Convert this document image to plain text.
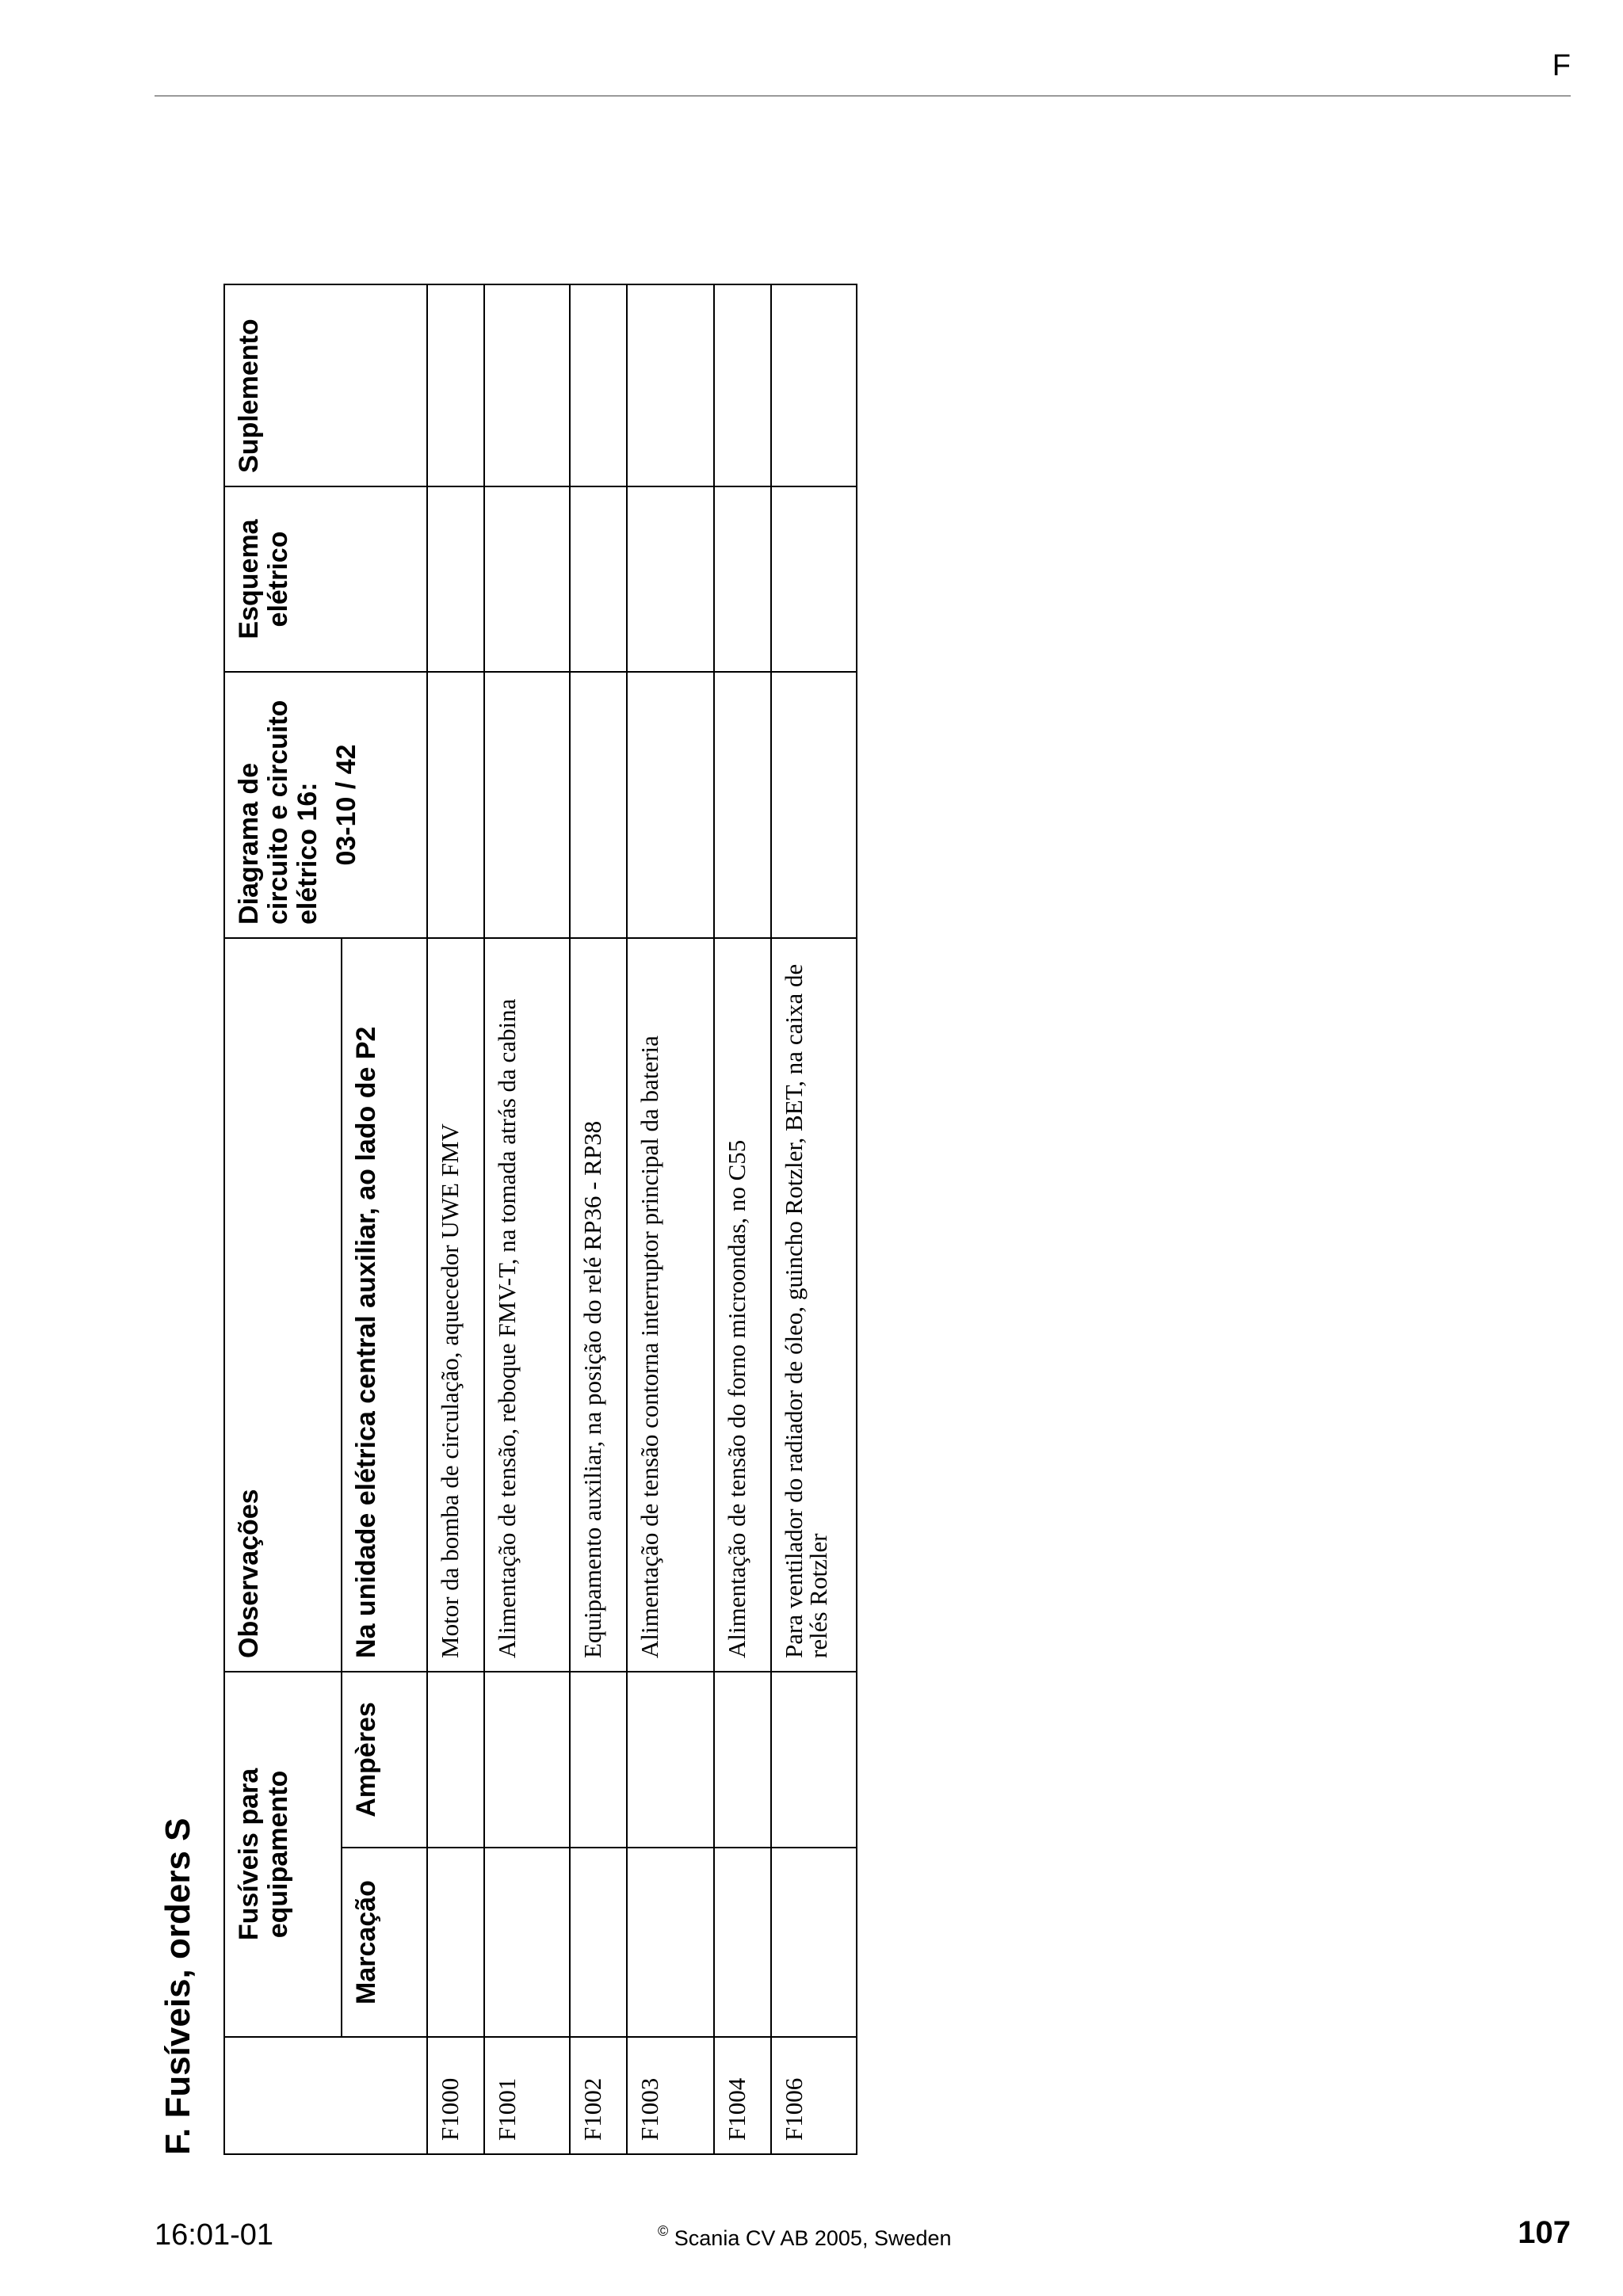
F
F. Fusíveis, orders S
	Fusíveis para equipamento		Observações	Diagrama de circuito e circuito elétrico 16: 03-10 / 42	Esquema elétrico	Suplemento
	Marcação	Ampères	Na unidade elétrica central auxiliar, ao lado de P2			
F1000			Motor da bomba de circulação, aquecedor UWE FMV			
F1001			Alimentação de tensão, reboque FMV-T, na tomada atrás da cabina			
F1002			Equipamento auxiliar, na posição do relé RP36 - RP38			
F1003			Alimentação de tensão contorna interruptor principal da bateria			
F1004			Alimentação de tensão do forno microondas, no C55			
F1006			Para ventilador do radiador de óleo, guincho Rotzler, BET, na caixa de relés Rotzler			
16:01-01	© Scania CV AB 2005, Sweden	107
